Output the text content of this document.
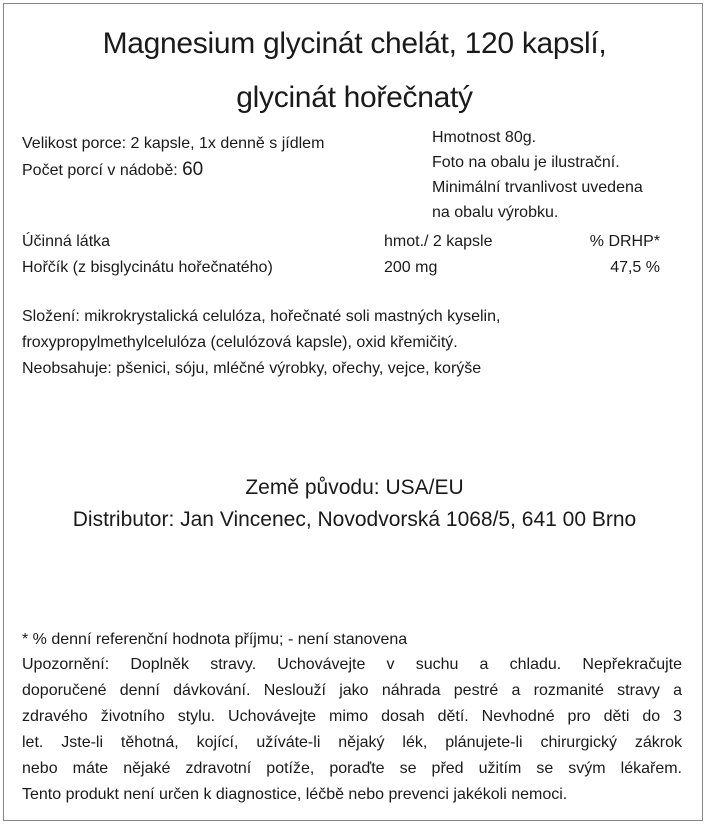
Magnesium glycinát chelát, 120 kapslí,
glycinát hořečnatý
Velikost porce: 2 kapsle, 1x denně s jídlem
Počet porcí v nádobě: 60
Hmotnost 80g.
Foto na obalu je ilustrační.
Minimální trvanlivost uvedena
na obalu výrobku.
Účinná látka	hmot./ 2 kapsle	% DRHP*
Hořčík (z bisglycinátu hořečnatého)	200 mg	47,5 %
Složení: mikrokrystalická celulóza, hořečnaté soli mastných kyselin,
froxypropylmethylcelulóza (celulózová kapsle), oxid křemičitý.
Neobsahuje: pšenici, sóju, mléčné výrobky, ořechy, vejce, korýše
Země původu: USA/EU
Distributor: Jan Vincenec, Novodvorská 1068/5, 641 00 Brno
* % denní referenční hodnota příjmu; - není stanovena
Upozornění: Doplněk stravy. Uchovávejte v suchu a chladu. Nepřekračujte
doporučené denní dávkování. Neslouží jako náhrada pestré a rozmanité stravy a
zdravého životního stylu. Uchovávejte mimo dosah dětí. Nevhodné pro děti do 3
let. Jste-li těhotná, kojící, užíváte-li nějaký lék, plánujete-li chirurgický zákrok
nebo máte nějaké zdravotní potíže, poraďte se před užitím se svým lékařem.
Tento produkt není určen k diagnostice, léčbě nebo prevenci jakékoli nemoci.
